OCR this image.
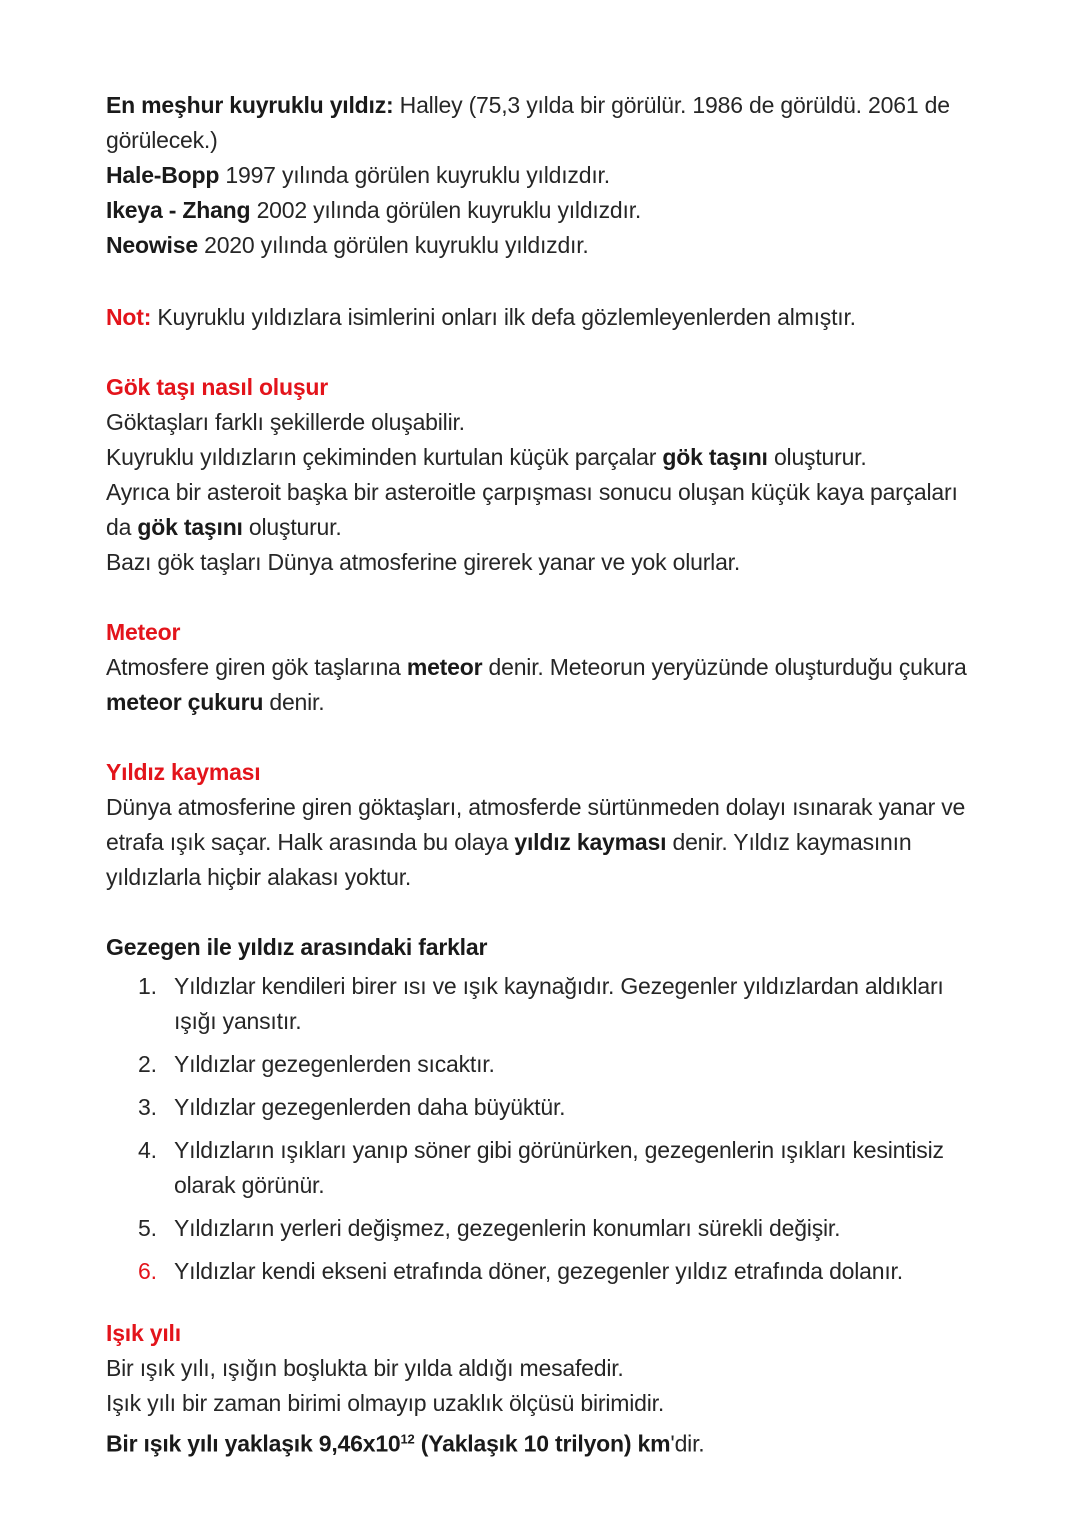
En meşhur kuyruklu yıldız: Halley (75,3 yılda bir görülür. 1986 de görüldü. 2061 de görülecek.)

Hale-Bopp 1997 yılında görülen kuyruklu yıldızdır.

Ikeya - Zhang 2002 yılında görülen kuyruklu yıldızdır.

Neowise 2020 yılında görülen kuyruklu yıldızdır.

Not: Kuyruklu yıldızlara isimlerini onları ilk defa gözlemleyenlerden almıştır.

Gök taşı nasıl oluşur

Göktaşları farklı şekillerde oluşabilir.

Kuyruklu yıldızların çekiminden kurtulan küçük parçalar gök taşını oluşturur.

Ayrıca bir asteroit başka bir asteroitle çarpışması sonucu oluşan küçük kaya parçaları da gök taşını oluşturur.

Bazı gök taşları Dünya atmosferine girerek yanar ve yok olurlar.

Meteor

Atmosfere giren gök taşlarına meteor denir. Meteorun yeryüzünde oluşturduğu çukura meteor çukuru denir.

Yıldız kayması

Dünya atmosferine giren göktaşları, atmosferde sürtünmeden dolayı ısınarak yanar ve etrafa ışık saçar. Halk arasında bu olaya yıldız kayması denir. Yıldız kaymasının yıldızlarla hiçbir alakası yoktur.

Gezegen ile yıldız arasındaki farklar

1. Yıldızlar kendileri birer ısı ve ışık kaynağıdır. Gezegenler yıldızlardan aldıkları ışığı yansıtır.
2. Yıldızlar gezegenlerden sıcaktır.
3. Yıldızlar gezegenlerden daha büyüktür.
4. Yıldızların ışıkları yanıp söner gibi görünürken, gezegenlerin ışıkları kesintisiz olarak görünür.
5. Yıldızların yerleri değişmez, gezegenlerin konumları sürekli değişir.
6. Yıldızlar kendi ekseni etrafında döner, gezegenler yıldız etrafında dolanır.

Işık yılı

Bir ışık yılı, ışığın boşlukta bir yılda aldığı mesafedir.

Işık yılı bir zaman birimi olmayıp uzaklık ölçüsü birimidir.

Bir ışık yılı yaklaşık $9,46x10^{12}$ (Yaklaşık 10 trilyon) km'dir.
